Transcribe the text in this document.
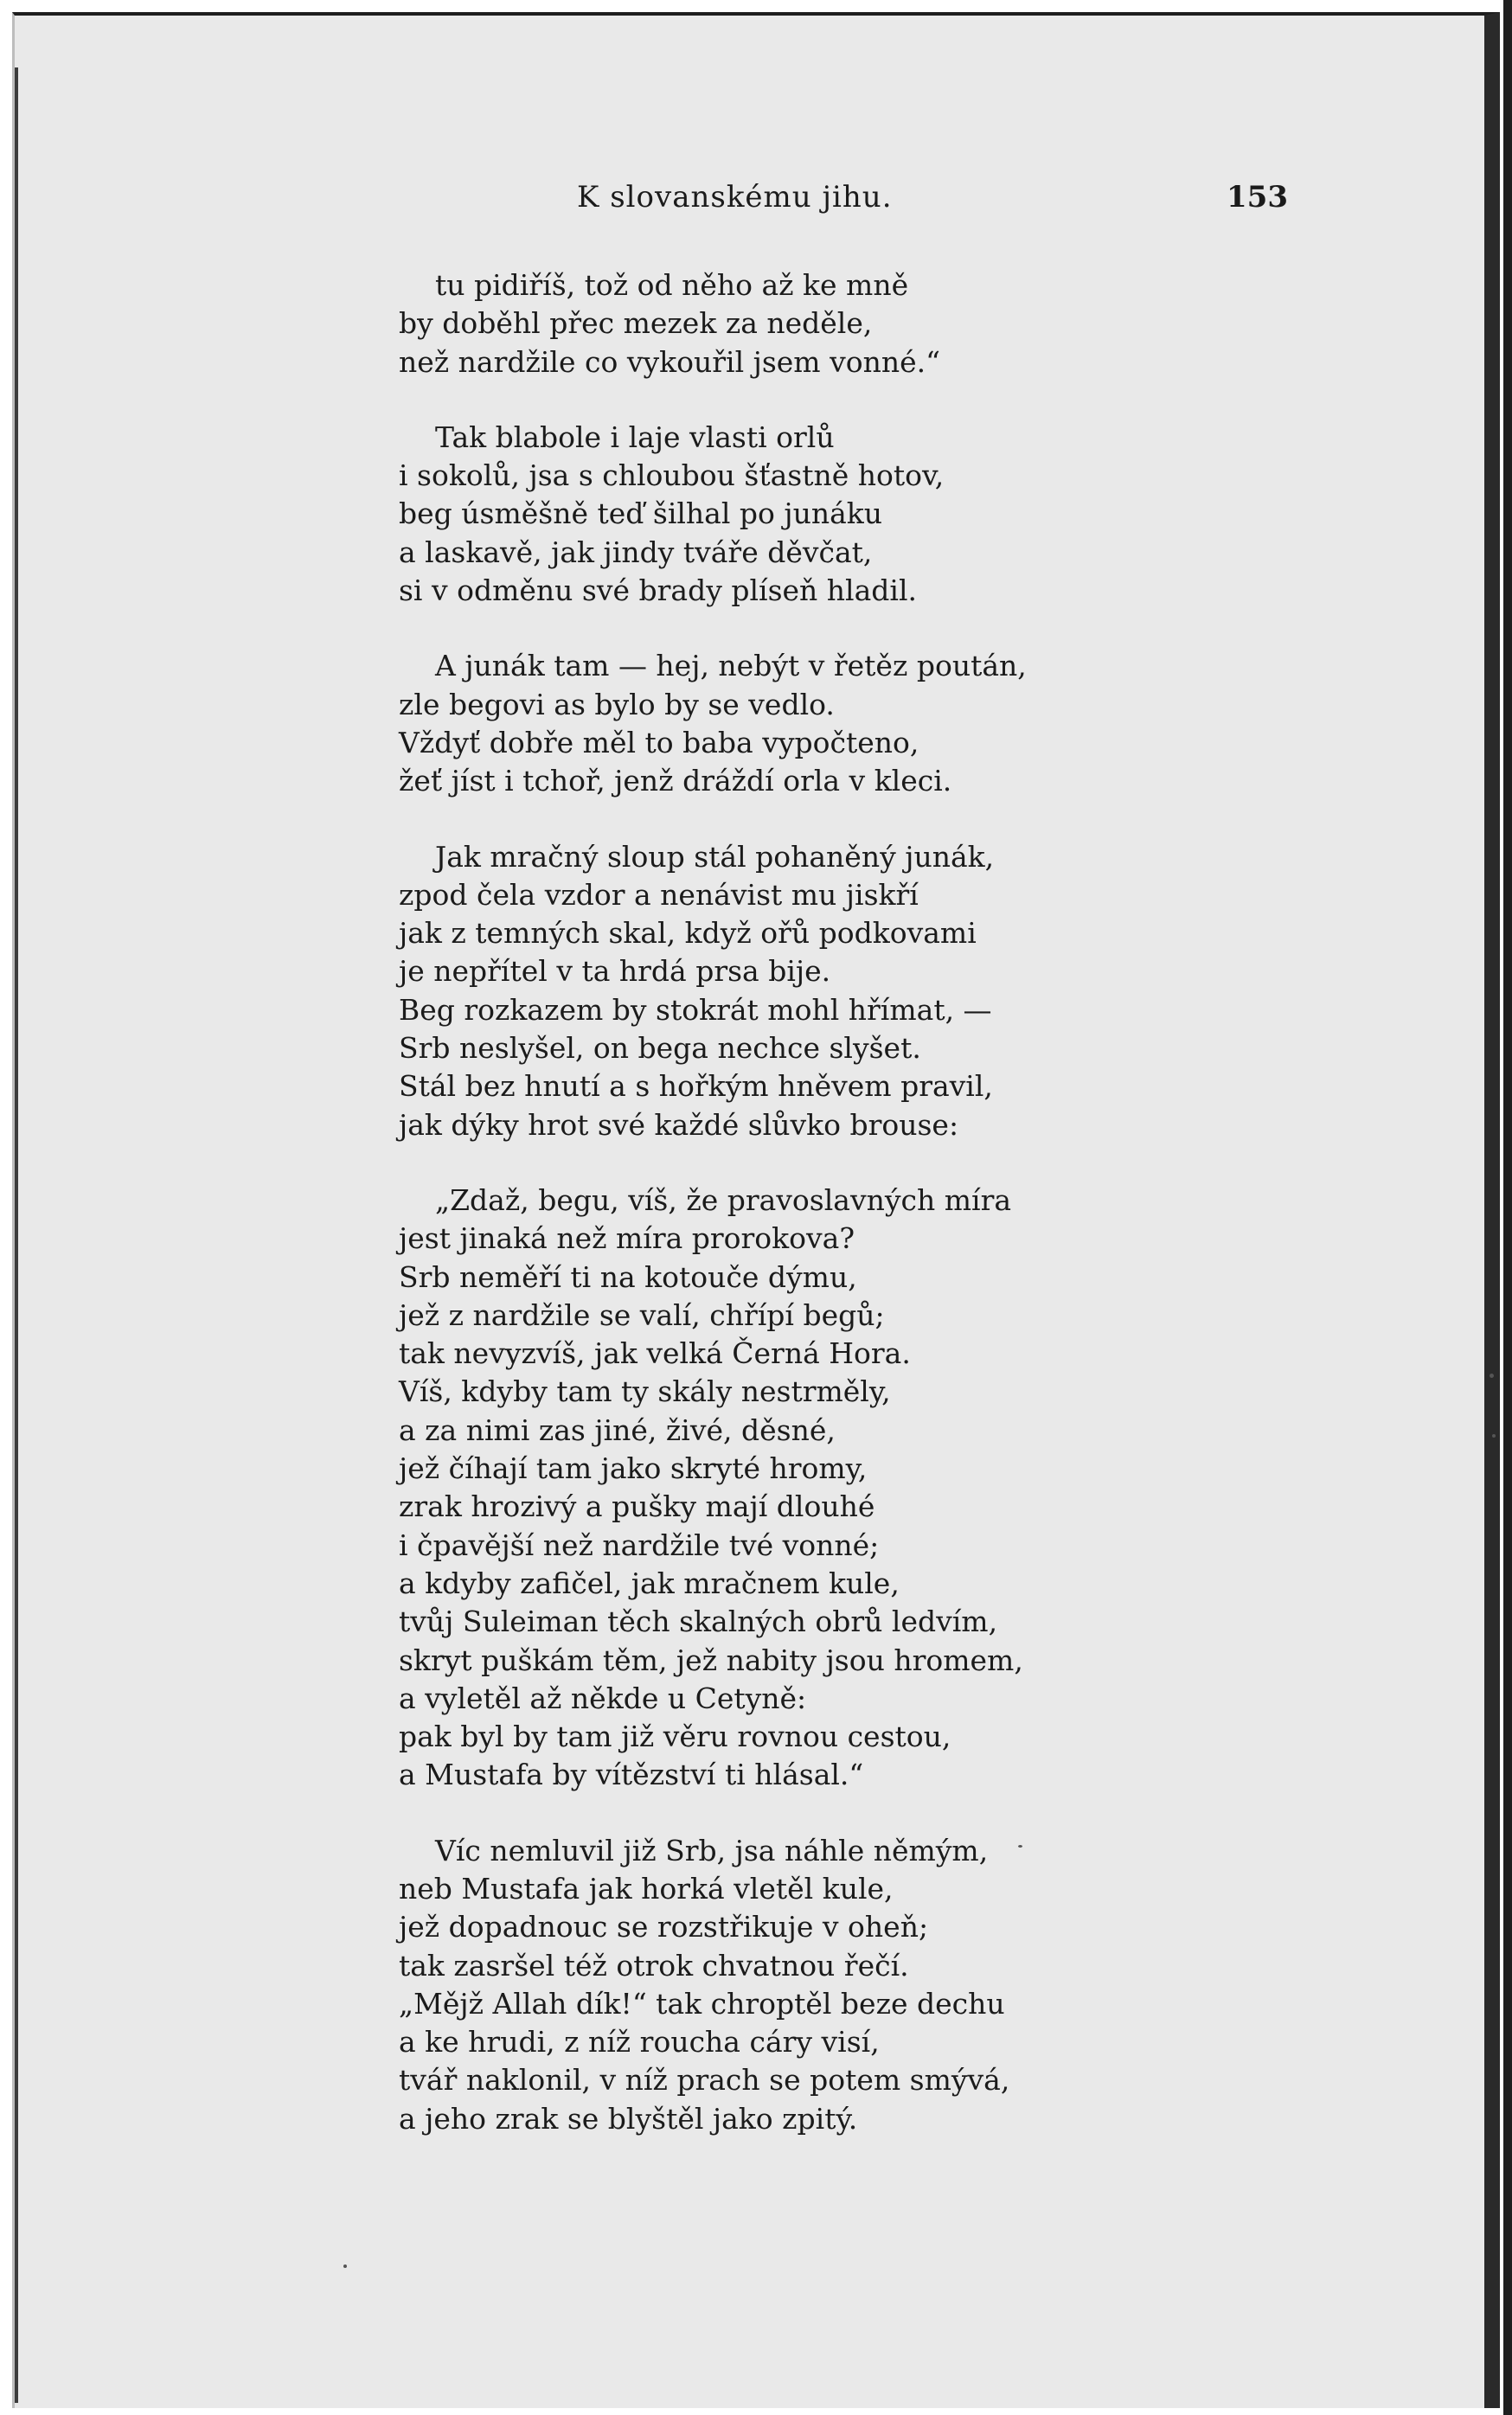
K slovanskému jihu.	153
tu pidiříš, tož od něho až ke mně
by doběhl přec mezek za neděle,
než nardžile co vykouřil jsem vonné.“
Tak blabole i laje vlasti orlů
i sokolů, jsa s chloubou šťastně hotov,
beg úsměšně teď šilhal po junáku
a laskavě, jak jindy tváře děvčat,
si v odměnu své brady plíseň hladil.
A junák tam — hej, nebýt v řetěz poután,
zle begovi as bylo by se vedlo.
Vždyť dobře měl to baba vypočteno,
žeť jíst i tchoř, jenž dráždí orla v kleci.
Jak mračný sloup stál pohaněný junák,
zpod čela vzdor a nenávist mu jiskří
jak z temných skal, když ořů podkovami
je nepřítel v ta hrdá prsa bije.
Beg rozkazem by stokrát mohl hřímat, —
Srb neslyšel, on bega nechce slyšet.
Stál bez hnutí a s hořkým hněvem pravil,
jak dýky hrot své každé slůvko brouse:
„Zdaž, begu, víš, že pravoslavných míra
jest jinaká než míra prorokova?
Srb neměří ti na kotouče dýmu,
jež z nardžile se valí, chřípí begů;
tak nevyzvíš, jak velká Černá Hora.
Víš, kdyby tam ty skály nestrměly,
a za nimi zas jiné, živé, děsné,
jež číhají tam jako skryté hromy,
zrak hrozivý a pušky mají dlouhé
i čpavější než nardžile tvé vonné;
a kdyby zafičel, jak mračnem kule,
tvůj Suleiman těch skalných obrů ledvím,
skryt puškám těm, jež nabity jsou hromem,
a vyletěl až někde u Cetyně:
pak byl by tam již věru rovnou cestou,
a Mustafa by vítězství ti hlásal.“
Víc nemluvil již Srb, jsa náhle němým,
neb Mustafa jak horká vletěl kule,
jež dopadnouc se rozstřikuje v oheň;
tak zasršel též otrok chvatnou řečí.
„Mějž Allah dík!“ tak chroptěl beze dechu
a ke hrudi, z níž roucha cáry visí,
tvář naklonil, v níž prach se potem smývá,
a jeho zrak se blyštěl jako zpitý.
